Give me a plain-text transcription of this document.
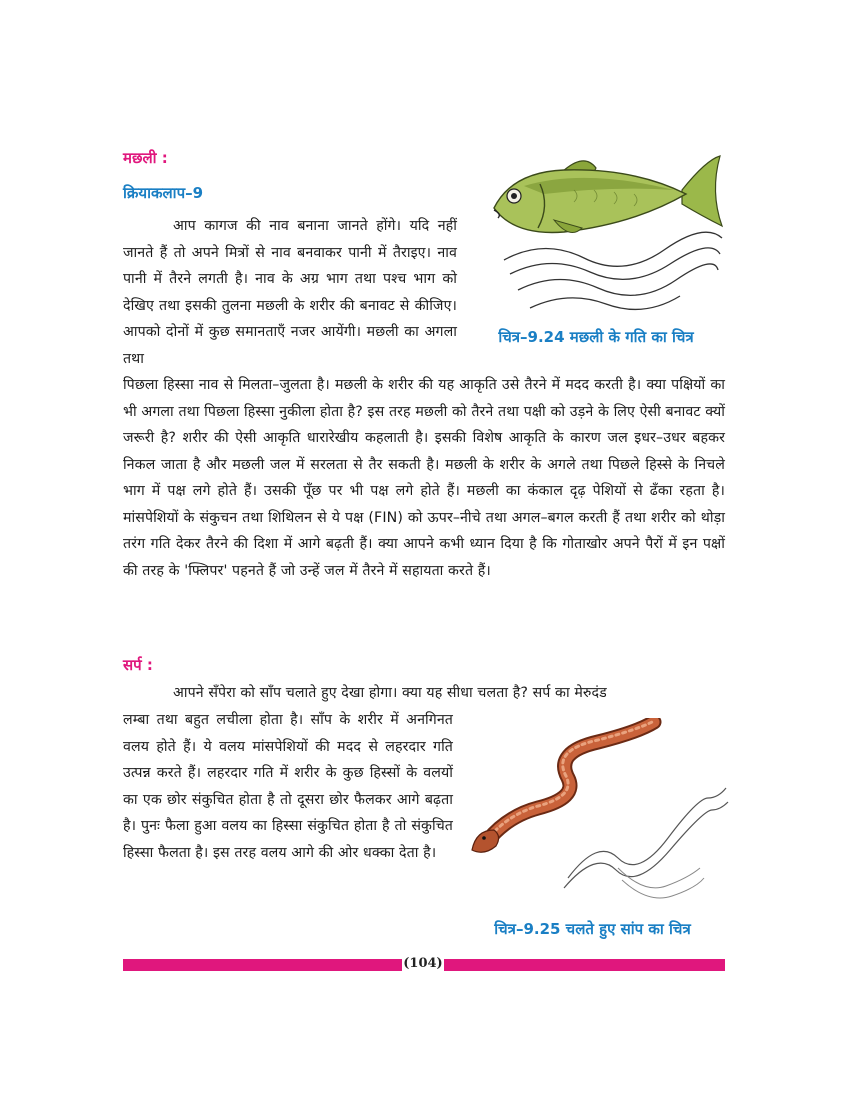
मछली :
क्रियाकलाप–9

आप कागज की नाव बनाना जानते होंगे। यदि नहीं जानते हैं तो अपने मित्रों से नाव बनवाकर पानी में तैराइए। नाव पानी में तैरने लगती है। नाव के अग्र भाग तथा पश्च भाग को देखिए तथा इसकी तुलना मछली के शरीर की बनावट से कीजिए। आपको दोनों में कुछ समानताएँ नजर आयेंगी। मछली का अगला तथा

चित्र–9.24 मछली के गति का चित्र

पिछला हिस्सा नाव से मिलता–जुलता है। मछली के शरीर की यह आकृति उसे तैरने में मदद करती है। क्या पक्षियों का भी अगला तथा पिछला हिस्सा नुकीला होता है? इस तरह मछली को तैरने तथा पक्षी को उड़ने के लिए ऐसी बनावट क्यों जरूरी है? शरीर की ऐसी आकृति धारारेखीय कहलाती है। इसकी विशेष आकृति के कारण जल इधर–उधर बहकर निकल जाता है और मछली जल में सरलता से तैर सकती है। मछली के शरीर के अगले तथा पिछले हिस्से के निचले भाग में पक्ष लगे होते हैं। उसकी पूँछ पर भी पक्ष लगे होते हैं। मछली का कंकाल दृढ़ पेशियों से ढँका रहता है। मांसपेशियों के संकुचन तथा शिथिलन से ये पक्ष (FIN) को ऊपर–नीचे तथा अगल–बगल करती हैं तथा शरीर को थोड़ा तरंग गति देकर तैरने की दिशा में आगे बढ़ती हैं। क्या आपने कभी ध्यान दिया है कि गोताखोर अपने पैरों में इन पक्षों की तरह के 'फ्लिपर' पहनते हैं जो उन्हें जल में तैरने में सहायता करते हैं।

सर्प :

आपने सँपेरा को साँप चलाते हुए देखा होगा। क्या यह सीधा चलता है? सर्प का मेरुदंड

लम्बा तथा बहुत लचीला होता है। साँप के शरीर में अनगिनत वलय होते हैं। ये वलय मांसपेशियों की मदद से लहरदार गति उत्पन्न करते हैं। लहरदार गति में शरीर के कुछ हिस्सों के वलयों का एक छोर संकुचित होता है तो दूसरा छोर फैलकर आगे बढ़ता है। पुनः फैला हुआ वलय का हिस्सा संकुचित होता है तो संकुचित हिस्सा फैलता है। इस तरह वलय आगे की ओर धक्का देता है।

चित्र–9.25 चलते हुए सांप का चित्र
(104)
